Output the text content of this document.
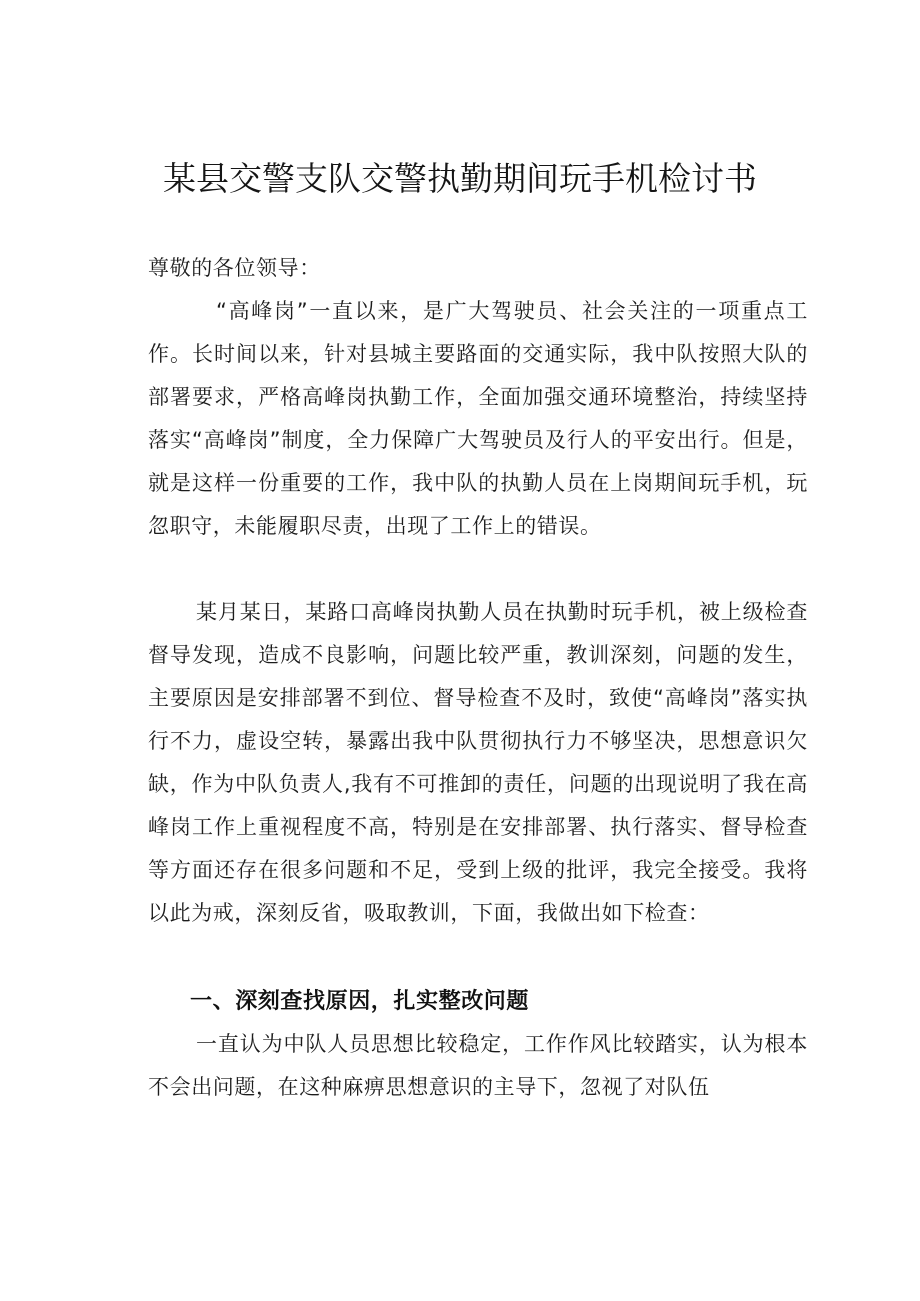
某县交警支队交警执勤期间玩手机检讨书

尊敬的各位领导：

“高峰岗”一直以来，是广大驾驶员、社会关注的一项重点工作。长时间以来，针对县城主要路面的交通实际，我中队按照大队的部署要求，严格高峰岗执勤工作，全面加强交通环境整治，持续坚持落实“高峰岗”制度，全力保障广大驾驶员及行人的平安出行。但是，就是这样一份重要的工作，我中队的执勤人员在上岗期间玩手机，玩忽职守，未能履职尽责，出现了工作上的错误。

某月某日，某路口高峰岗执勤人员在执勤时玩手机，被上级检查督导发现，造成不良影响，问题比较严重，教训深刻，问题的发生，主要原因是安排部署不到位、督导检查不及时，致使“高峰岗”落实执行不力，虚设空转，暴露出我中队贯彻执行力不够坚决，思想意识欠缺，作为中队负责人,我有不可推卸的责任，问题的出现说明了我在高峰岗工作上重视程度不高，特别是在安排部署、执行落实、督导检查等方面还存在很多问题和不足，受到上级的批评，我完全接受。我将以此为戒，深刻反省，吸取教训，下面，我做出如下检查：

一、深刻查找原因，扎实整改问题

一直认为中队人员思想比较稳定，工作作风比较踏实，认为根本不会出问题，在这种麻痹思想意识的主导下，忽视了对队伍
